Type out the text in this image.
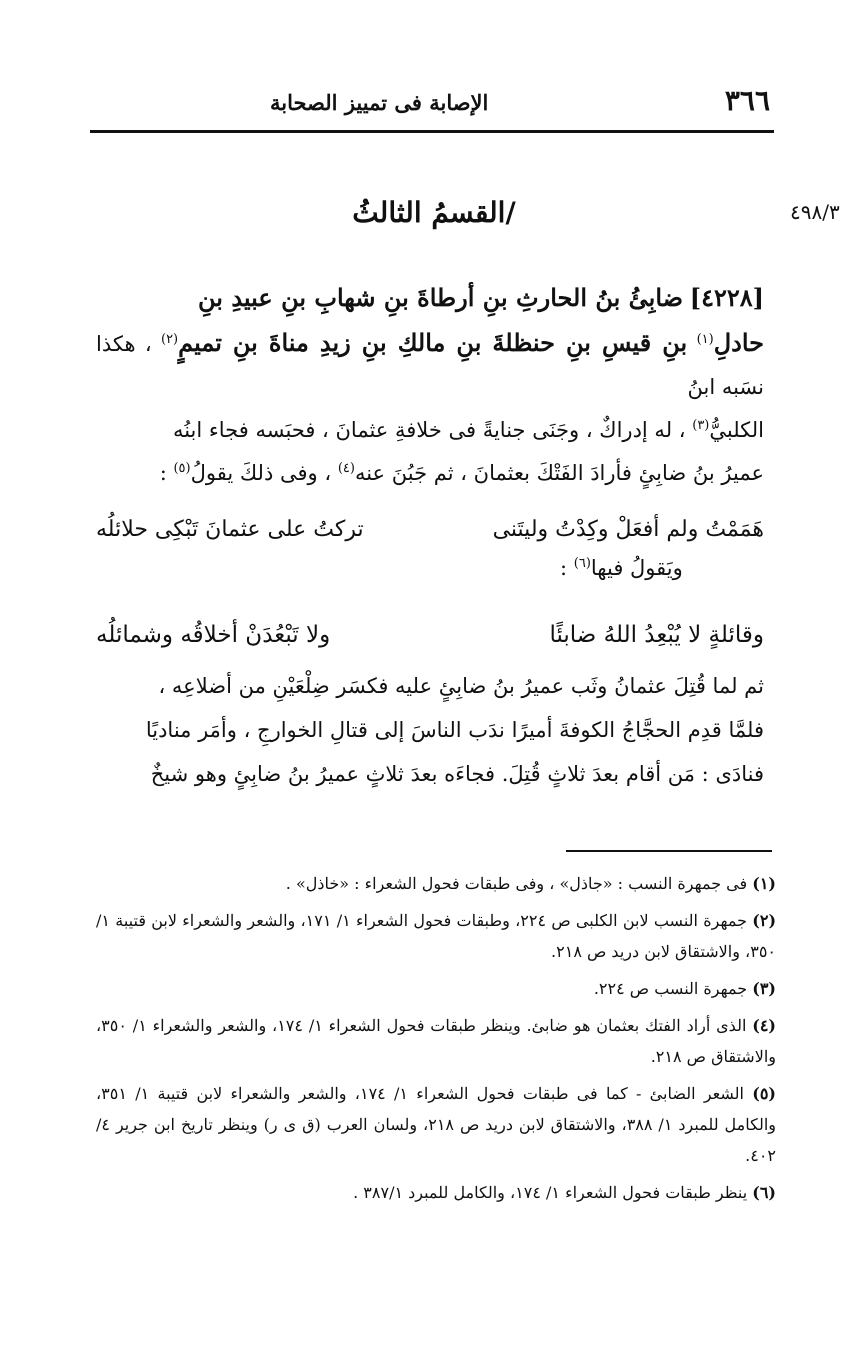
٣٦٦
الإصابة فى تمييز الصحابة
٤٩٨/٣
/القسمُ الثالثُ

[٤٢٢٨] ضابِئُ بنُ الحارثِ بنِ أرطاةَ بنِ شهابِ بنِ عبيدِ بنِ

حادلِ$^{(١)}$ بنِ قيسِ بنِ حنظلةَ بنِ مالكِ بنِ زيدِ مناةَ بنِ تميمٍ$^{(٢)}$ ، هكذا نسَبه ابنُ

الكلبيُّ$^{(٣)}$ ، له إدراكٌ ، وجَنَى جنايةً فى خلافةِ عثمانَ ، فحبَسه فجاء ابنُه

عميرُ بنُ ضابِئٍ فأرادَ الفَتْكَ بعثمانَ ، ثم جَبُنَ عنه$^{(٤)}$ ، وفى ذلكَ يقولُ$^{(٥)}$ :

هَمَمْتُ ولم أفعَلْ وكِدْتُ وليتَنى
تركتُ على عثمانَ تَبْكِى حلائلُه
ويَقولُ فيها$^{(٦)}$ :
وقائلةٍ لا يُبْعِدُ اللهُ ضابئًا
ولا تَبْعُدَنْ أخلاقُه وشمائلُه

ثم لما قُتِلَ عثمانُ وثَب عميرُ بنُ ضابِئٍ عليه فكسَر ضِلْعَيْنِ من أضلاعِه ،

فلمَّا قدِم الحجَّاجُ الكوفةَ أميرًا ندَب الناسَ إلى قتالِ الخوارجِ ، وأمَر مناديًا

فنادَى : مَن أقام بعدَ ثلاثٍ قُتِلَ. فجاءَه بعدَ ثلاثٍ عميرُ بنُ ضابِئٍ وهو شيخٌ

(١) فى جمهرة النسب : «جاذل» ، وفى طبقات فحول الشعراء : «خاذل» .

(٢) جمهرة النسب لابن الكلبى ص ٢٢٤، وطبقات فحول الشعراء ١/ ١٧١، والشعر والشعراء لابن قتيبة ١/ ٣٥٠، والاشتقاق لابن دريد ص ٢١٨.

(٣) جمهرة النسب ص ٢٢٤.

(٤) الذى أراد الفتك بعثمان هو ضابئ. وينظر طبقات فحول الشعراء ١/ ١٧٤، والشعر والشعراء ١/ ٣٥٠، والاشتقاق ص ٢١٨.

(٥) الشعر الضابئ - كما فى طبقات فحول الشعراء ١/ ١٧٤، والشعر والشعراء لابن قتيبة ١/ ٣٥١، والكامل للمبرد ١/ ٣٨٨، والاشتقاق لابن دريد ص ٢١٨، ولسان العرب (ق ى ر) وينظر تاريخ ابن جرير ٤/ ٤٠٢.

(٦) ينظر طبقات فحول الشعراء ١/ ١٧٤، والكامل للمبرد ٣٨٧/١ .
